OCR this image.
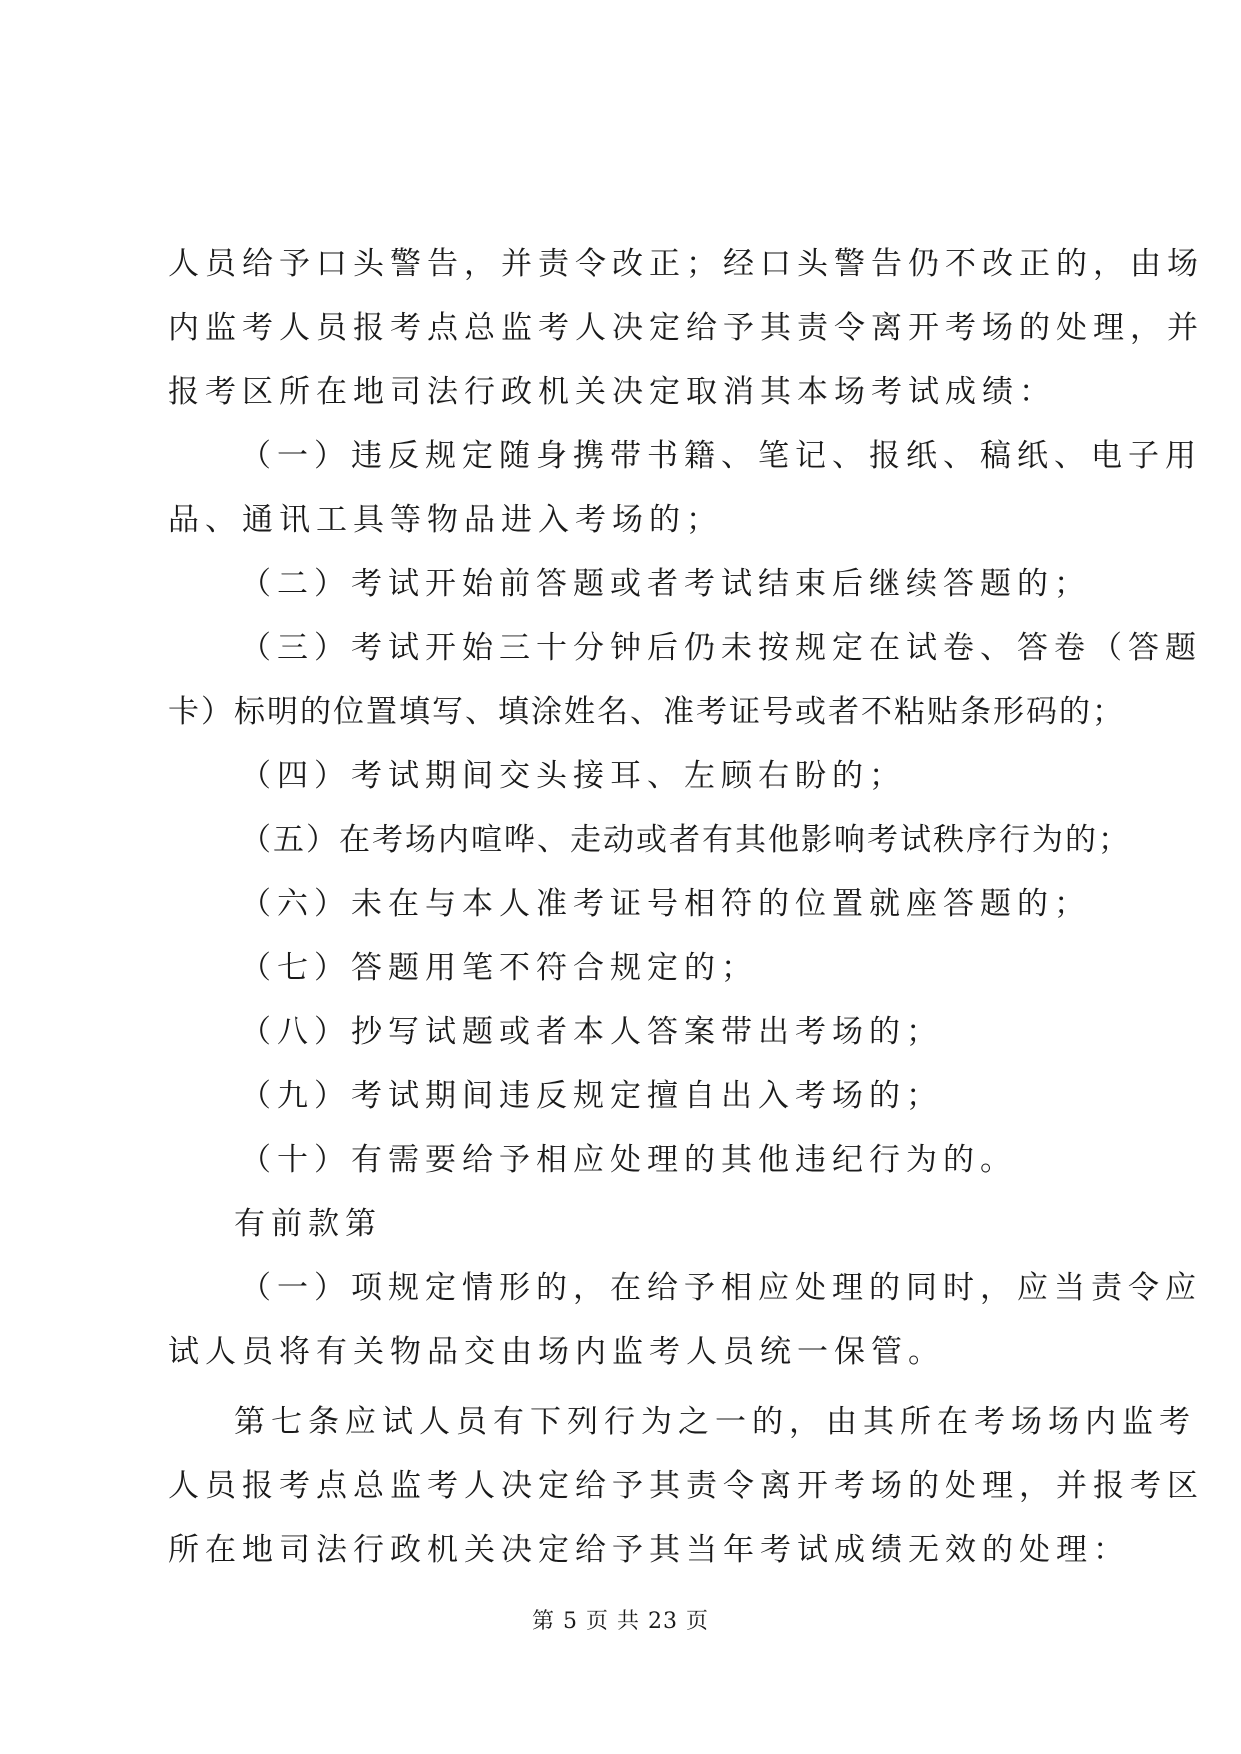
人员给予口头警告，并责令改正；经口头警告仍不改正的，由场
内监考人员报考点总监考人决定给予其责令离开考场的处理，并
报考区所在地司法行政机关决定取消其本场考试成绩：
（一）违反规定随身携带书籍、笔记、报纸、稿纸、电子用
品、通讯工具等物品进入考场的；
（二）考试开始前答题或者考试结束后继续答题的；
（三）考试开始三十分钟后仍未按规定在试卷、答卷（答题
卡）标明的位置填写、填涂姓名、准考证号或者不粘贴条形码的；
（四）考试期间交头接耳、左顾右盼的；
（五）在考场内喧哗、走动或者有其他影响考试秩序行为的；
（六）未在与本人准考证号相符的位置就座答题的；
（七）答题用笔不符合规定的；
（八）抄写试题或者本人答案带出考场的；
（九）考试期间违反规定擅自出入考场的；
（十）有需要给予相应处理的其他违纪行为的。
有前款第
（一）项规定情形的，在给予相应处理的同时，应当责令应
试人员将有关物品交由场内监考人员统一保管。
第七条应试人员有下列行为之一的，由其所在考场场内监考
人员报考点总监考人决定给予其责令离开考场的处理，并报考区
所在地司法行政机关决定给予其当年考试成绩无效的处理：
第 5 页 共 23 页
